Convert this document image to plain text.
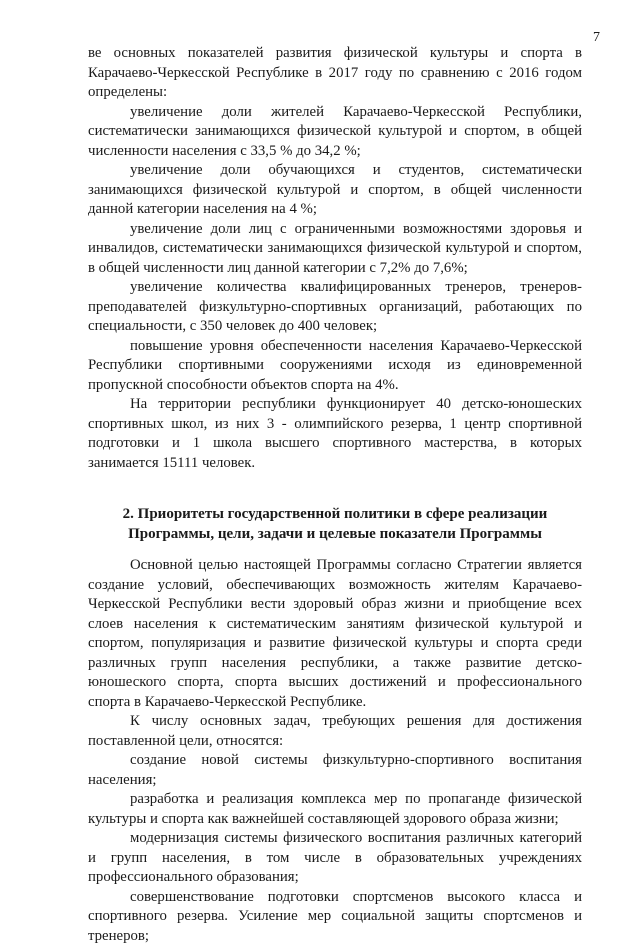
7

ве основных показателей развития физической культуры и спорта в Карачаево-Черкесской Республике в 2017 году по сравнению с 2016 годом определены:

увеличение доли жителей Карачаево-Черкесской Республики, систематически занимающихся физической культурой и спортом, в общей численности населения с 33,5 % до 34,2 %;

увеличение доли обучающихся и студентов, систематически занимающихся физической культурой и спортом, в общей численности данной категории населения на 4 %;

увеличение доли лиц с ограниченными возможностями здоровья и инвалидов, систематически занимающихся физической культурой и спортом, в общей численности лиц данной категории с 7,2% до 7,6%;

увеличение количества квалифицированных тренеров, тренеров-преподавателей физкультурно-спортивных организаций, работающих по специальности, с 350 человек до 400 человек;

повышение уровня обеспеченности населения Карачаево-Черкесской Республики спортивными сооружениями исходя из единовременной пропускной способности объектов спорта на 4%.

На территории республики функционирует 40 детско-юношеских спортивных школ, из них 3 - олимпийского резерва, 1 центр спортивной подготовки и 1 школа высшего спортивного мастерства, в которых занимается 15111 человек.

2. Приоритеты государственной политики в сфере реализации
Программы, цели, задачи и целевые показатели Программы

Основной целью настоящей Программы согласно Стратегии является создание условий, обеспечивающих возможность жителям Карачаево-Черкесской Республики вести здоровый образ жизни и приобщение всех слоев населения к систематическим занятиям физической культурой и спортом, популяризация и развитие физической культуры и спорта среди различных групп населения республики, а также развитие детско-юношеского спорта, спорта высших достижений и профессионального спорта в Карачаево-Черкесской Республике.

К числу основных задач, требующих решения для достижения поставленной цели, относятся:

создание новой системы физкультурно-спортивного воспитания населения;

разработка и реализация комплекса мер по пропаганде физической культуры и спорта как важнейшей составляющей здорового образа жизни;

модернизация системы физического воспитания различных категорий и групп населения, в том числе в образовательных учреждениях профессионального образования;

совершенствование подготовки спортсменов высокого класса и спортивного резерва. Усиление мер социальной защиты спортсменов и тренеров;
